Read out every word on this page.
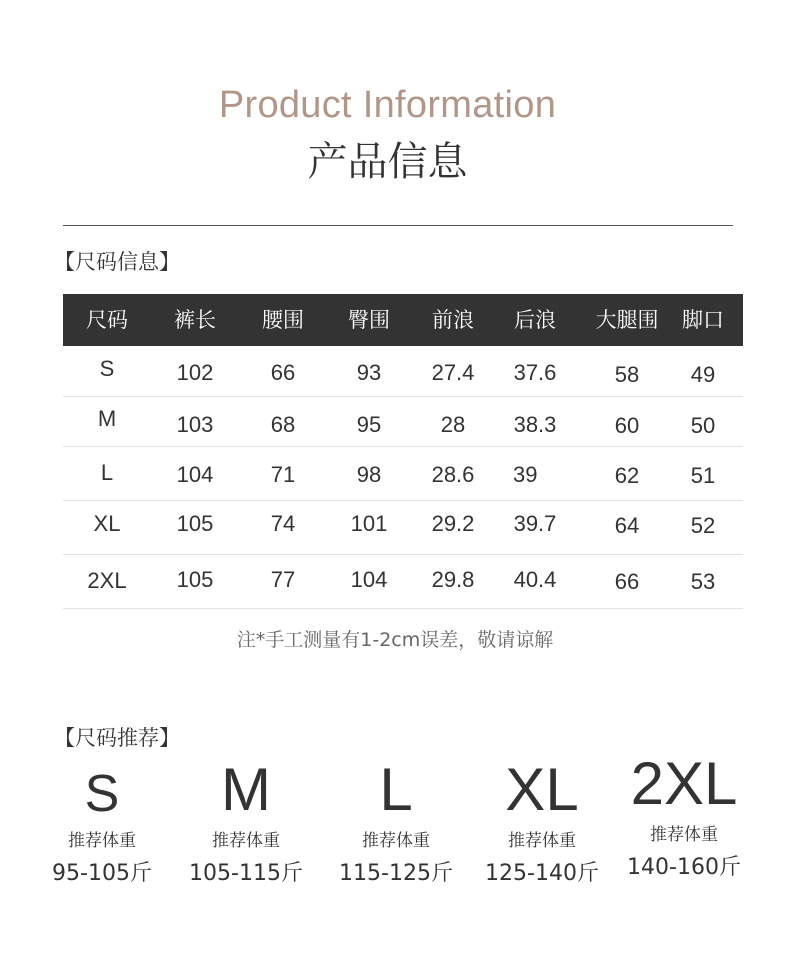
Product Information
产品信息
【尺码信息】
尺码	裤长	腰围	臀围	前浪	后浪	大腿围	脚口
S	102	66	93	27.4	37.6	58	49
M	103	68	95	28	38.3	60	50
L	104	71	98	28.6	39	62	51
XL	105	74	101	29.2	39.7	64	52
2XL	105	77	104	29.8	40.4	66	53
注*手工测量有1-2cm误差，敬请谅解
【尺码推荐】
S
推荐体重
95-105斤
M
推荐体重
105-115斤
L
推荐体重
115-125斤
XL
推荐体重
125-140斤
2XL
推荐体重
140-160斤
